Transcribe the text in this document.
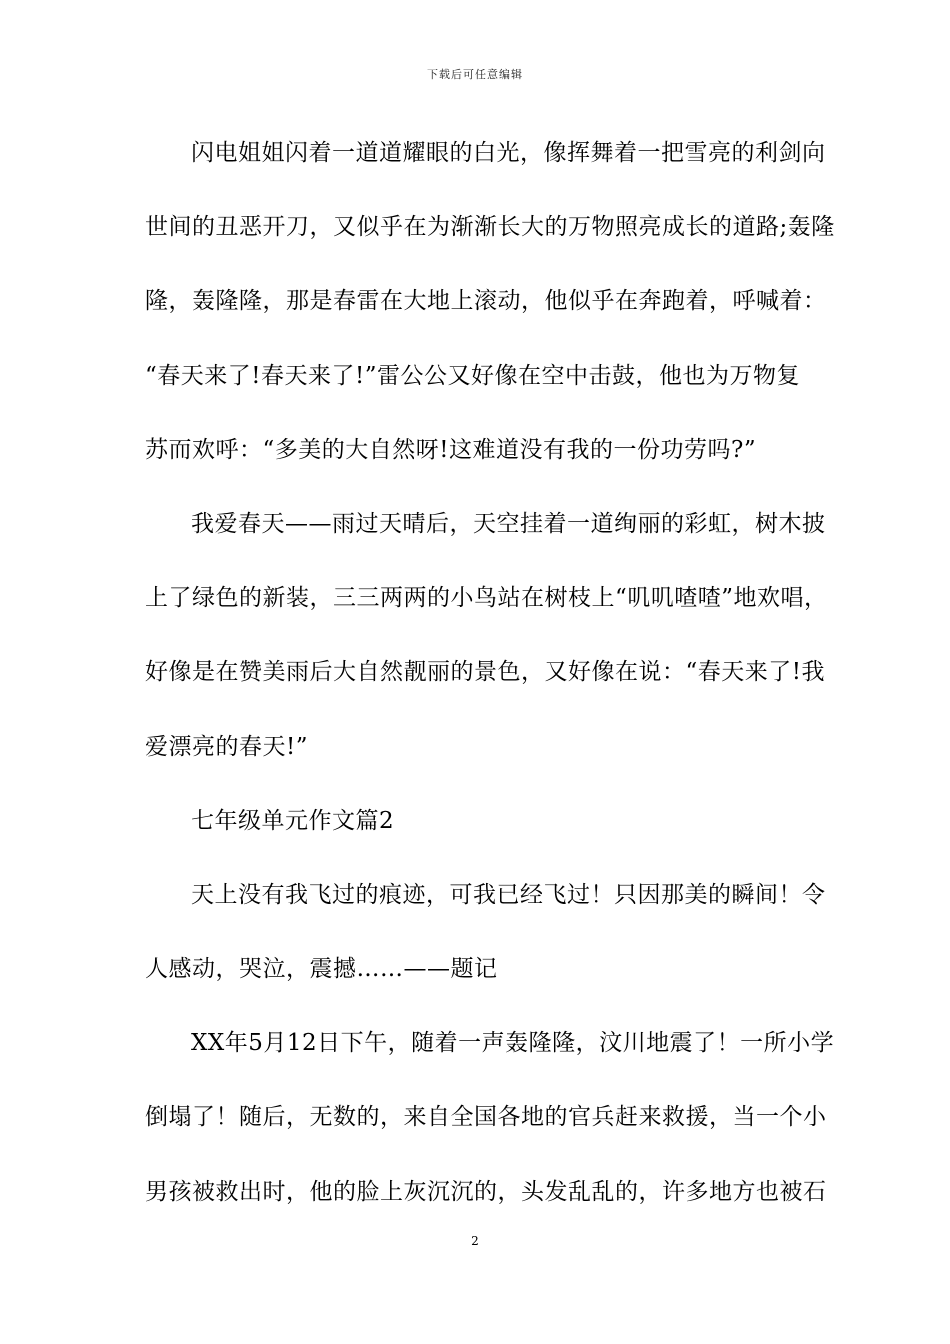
下载后可任意编辑
闪电姐姐闪着一道道耀眼的白光，像挥舞着一把雪亮的利剑向
世间的丑恶开刀，又似乎在为渐渐长大的万物照亮成长的道路;轰隆
隆，轰隆隆，那是春雷在大地上滚动，他似乎在奔跑着，呼喊着：
“春天来了!春天来了!”雷公公又好像在空中击鼓，他也为万物复
苏而欢呼：“多美的大自然呀!这难道没有我的一份功劳吗?”
我爱春天——雨过天晴后，天空挂着一道绚丽的彩虹，树木披
上了绿色的新装，三三两两的小鸟站在树枝上“叽叽喳喳”地欢唱，
好像是在赞美雨后大自然靓丽的景色，又好像在说：“春天来了!我
爱漂亮的春天!”
七年级单元作文篇2
天上没有我飞过的痕迹，可我已经飞过！只因那美的瞬间！令
人感动，哭泣，震撼……——题记
XX年5月12日下午，随着一声轰隆隆，汶川地震了！一所小学
倒塌了！随后，无数的，来自全国各地的官兵赶来救援，当一个小
男孩被救出时，他的脸上灰沉沉的，头发乱乱的，许多地方也被石
2
